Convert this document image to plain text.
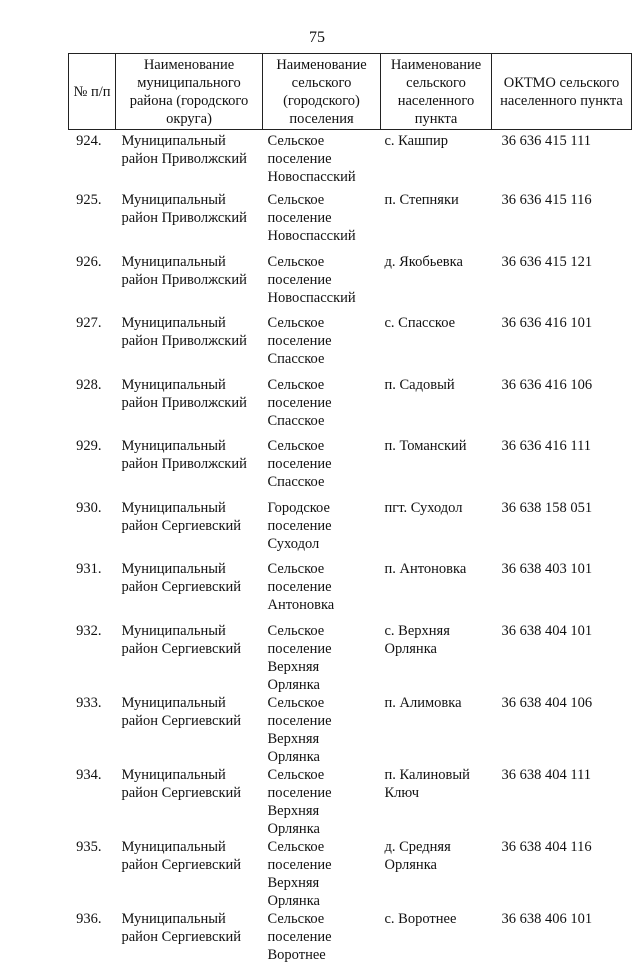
75
№ п/п	Наименование муниципального района (городского округа)	Наименование сельского (городского) поселения	Наименование сельского населенного пункта	ОКТМО сельского населенного пункта
924.	Муниципальный район Приволжский	Сельское поселение Новоспасский	с. Кашпир	36 636 415 111
925.	Муниципальный район Приволжский	Сельское поселение Новоспасский	п. Степняки	36 636 415 116
926.	Муниципальный район Приволжский	Сельское поселение Новоспасский	д. Якобьевка	36 636 415 121
927.	Муниципальный район Приволжский	Сельское поселение Спасское	с. Спасское	36 636 416 101
928.	Муниципальный район Приволжский	Сельское поселение Спасское	п. Садовый	36 636 416 106
929.	Муниципальный район Приволжский	Сельское поселение Спасское	п. Томанский	36 636 416 111
930.	Муниципальный район Сергиевский	Городское поселение Суходол	пгт. Суходол	36 638 158 051
931.	Муниципальный район Сергиевский	Сельское поселение Антоновка	п. Антоновка	36 638 403 101
932.	Муниципальный район Сергиевский	Сельское поселение Верхняя Орлянка	с. Верхняя Орлянка	36 638 404 101
933.	Муниципальный район Сергиевский	Сельское поселение Верхняя Орлянка	п. Алимовка	36 638 404 106
934.	Муниципальный район Сергиевский	Сельское поселение Верхняя Орлянка	п. Калиновый Ключ	36 638 404 111
935.	Муниципальный район Сергиевский	Сельское поселение Верхняя Орлянка	д. Средняя Орлянка	36 638 404 116
936.	Муниципальный район Сергиевский	Сельское поселение Воротнее	с. Воротнее	36 638 406 101
